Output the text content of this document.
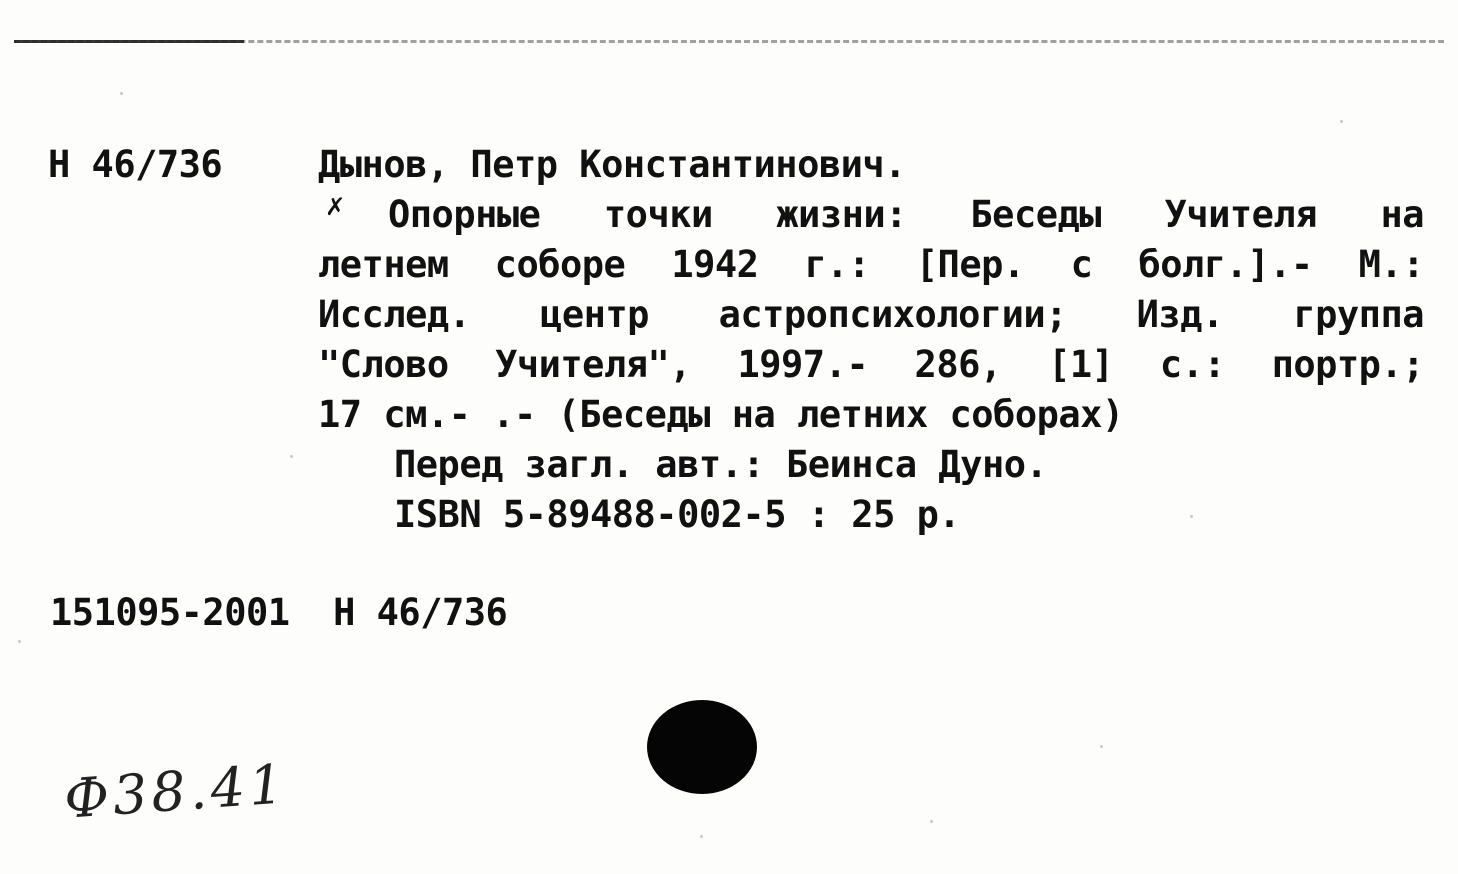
Н 46/736	Дынов, Петр Константинович.
✗	Опорные точки жизни: Беседы Учителя на
летнем соборе 1942 г.: [Пер. с болг.].- М.:
Исслед. центр астропсихологии; Изд. группа
"Слово Учителя", 1997.- 286, [1] с.: портр.;
17 см.- .- (Беседы на летних соборах)
Перед загл. авт.: Беинса Дуно.
ISBN 5-89488-002-5 : 25 р.
151095-2001 Н 46/736
Ф38.41
